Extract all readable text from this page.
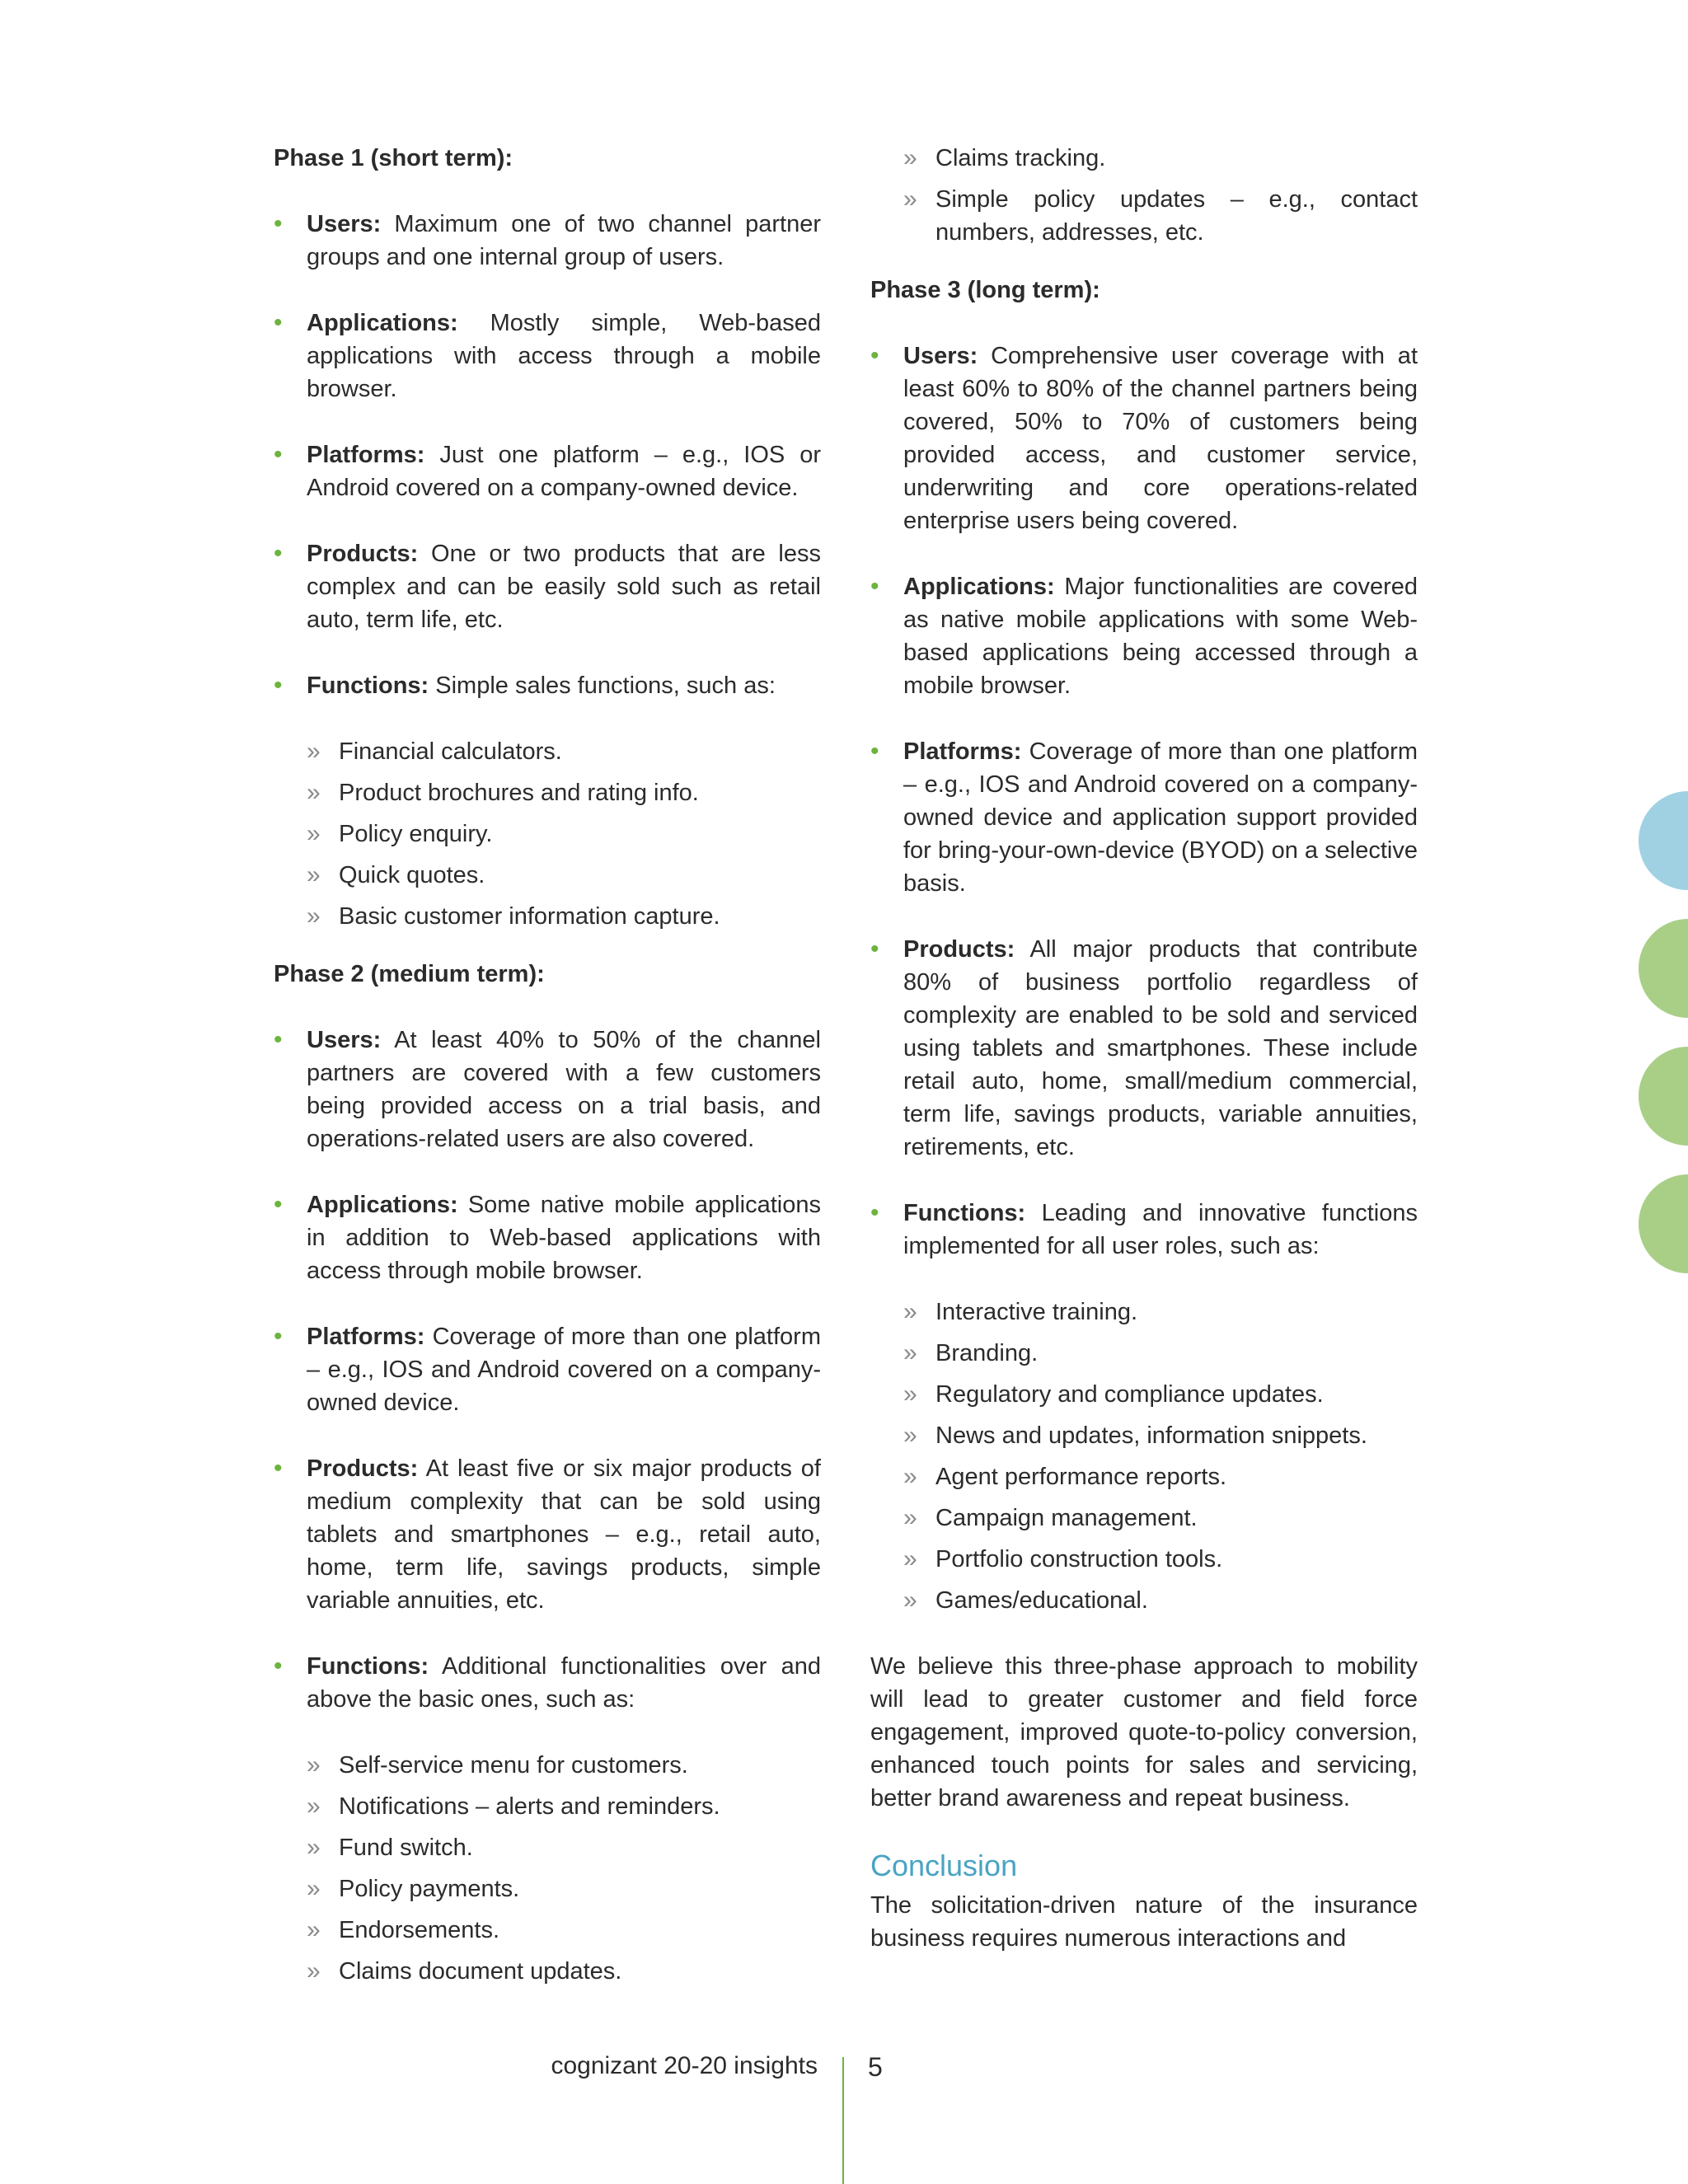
Phase 1 (short term):

• Users: Maximum one of two channel partner groups and one internal group of users.

• Applications: Mostly simple, Web-based applications with access through a mobile browser.

• Platforms: Just one platform – e.g., IOS or Android covered on a company-owned device.

• Products: One or two products that are less complex and can be easily sold such as retail auto, term life, etc.

• Functions: Simple sales functions, such as:

» Financial calculators.

» Product brochures and rating info.

» Policy enquiry.

» Quick quotes.

» Basic customer information capture.

Phase 2 (medium term):

• Users: At least 40% to 50% of the channel partners are covered with a few customers being provided access on a trial basis, and operations-related users are also covered.

• Applications: Some native mobile applications in addition to Web-based applications with access through mobile browser.

• Platforms: Coverage of more than one platform – e.g., IOS and Android covered on a company-owned device.

• Products: At least five or six major products of medium complexity that can be sold using tablets and smartphones – e.g., retail auto, home, term life, savings products, simple variable annuities, etc.

• Functions: Additional functionalities over and above the basic ones, such as:

» Self-service menu for customers.

» Notifications – alerts and reminders.

» Fund switch.

» Policy payments.

» Endorsements.

» Claims document updates.

» Claims tracking.

» Simple policy updates – e.g., contact numbers, addresses, etc.

Phase 3 (long term):

• Users: Comprehensive user coverage with at least 60% to 80% of the channel partners being covered, 50% to 70% of customers being provided access, and customer service, underwriting and core operations-related enterprise users being covered.

• Applications: Major functionalities are covered as native mobile applications with some Web-based applications being accessed through a mobile browser.

• Platforms: Coverage of more than one platform – e.g., IOS and Android covered on a company-owned device and application support provided for bring-your-own-device (BYOD) on a selective basis.

• Products: All major products that contribute 80% of business portfolio regardless of complexity are enabled to be sold and serviced using tablets and smartphones. These include retail auto, home, small/medium commercial, term life, savings products, variable annuities, retirements, etc.

• Functions: Leading and innovative functions implemented for all user roles, such as:

» Interactive training.

» Branding.

» Regulatory and compliance updates.

» News and updates, information snippets.

» Agent performance reports.

» Campaign management.

» Portfolio construction tools.

» Games/educational.

We believe this three-phase approach to mobility will lead to greater customer and field force engagement, improved quote-to-policy conversion, enhanced touch points for sales and servicing, better brand awareness and repeat business.

Conclusion

The solicitation-driven nature of the insurance business requires numerous interactions and

cognizant 20-20 insights 5
